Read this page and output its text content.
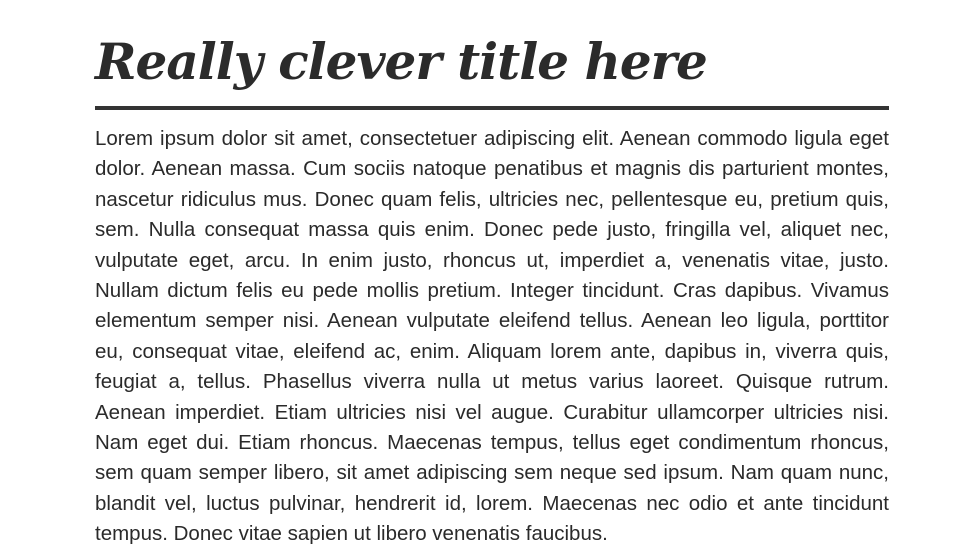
Really clever title here

Lorem ipsum dolor sit amet, consectetuer adipiscing elit. Aenean commodo ligula eget dolor. Aenean massa. Cum sociis natoque penatibus et magnis dis parturient montes, nascetur ridiculus mus. Donec quam felis, ultricies nec, pellentesque eu, pretium quis, sem. Nulla consequat massa quis enim. Donec pede justo, fringilla vel, aliquet nec, vulputate eget, arcu. In enim justo, rhoncus ut, imperdiet a, venenatis vitae, justo. Nullam dictum felis eu pede mollis pretium. Integer tincidunt. Cras dapibus. Vivamus elementum semper nisi. Aenean vulputate eleifend tellus. Aenean leo ligula, porttitor eu, consequat vitae, eleifend ac, enim. Aliquam lorem ante, dapibus in, viverra quis, feugiat a, tellus. Phasellus viverra nulla ut metus varius laoreet. Quisque rutrum. Aenean imperdiet. Etiam ultricies nisi vel augue. Curabitur ullamcorper ultricies nisi. Nam eget dui. Etiam rhoncus. Maecenas tempus, tellus eget condimentum rhoncus, sem quam semper libero, sit amet adipiscing sem neque sed ipsum. Nam quam nunc, blandit vel, luctus pulvinar, hendrerit id, lorem. Maecenas nec odio et ante tincidunt tempus. Donec vitae sapien ut libero venenatis faucibus.
